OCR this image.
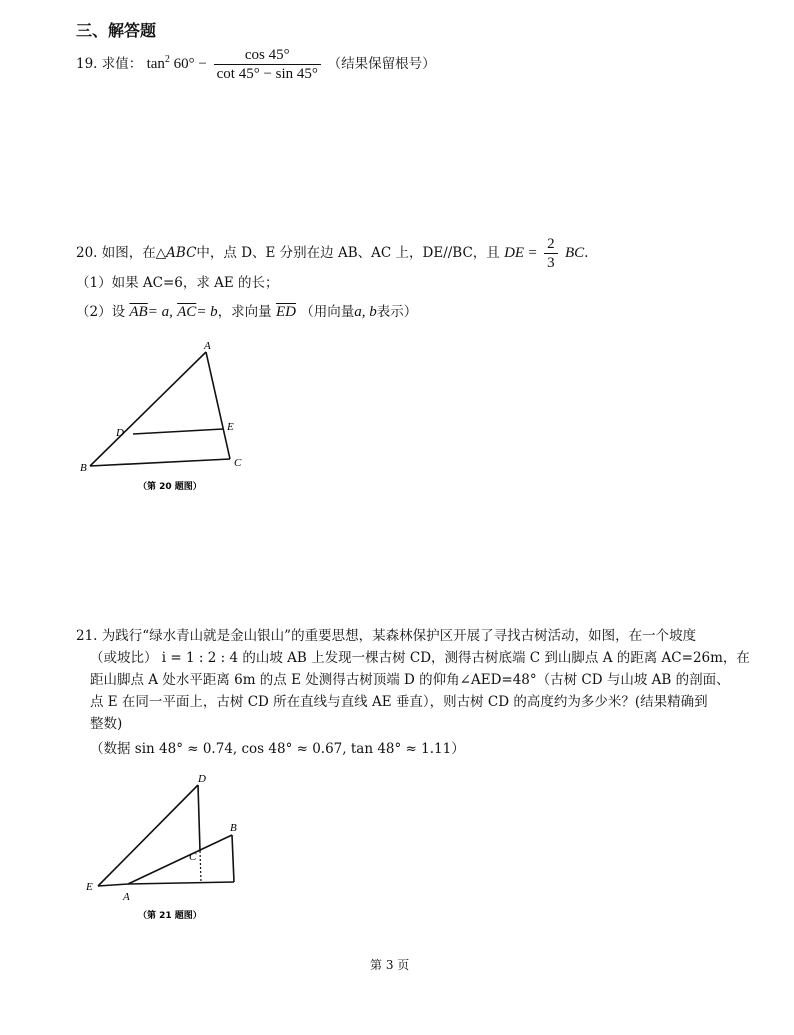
三、解答题
19. 求值： $\tan^2 60^\circ - \frac{\cos 45^\circ}{\cot 45^\circ - \sin 45^\circ}$ （结果保留根号）
20. 如图，在△ABC中，点 D、E 分别在边 AB、AC 上，DE//BC，且 DE = $\frac{2}{3}$ BC.
（1）如果 AC=6，求 AE 的长；
（2）设 $\overline{AB}= a$, $\overline{AC}= b$，求向量 $\overline{ED}$ （用向量a, b表示）
A
B	C
D	E
（第 20 题图）
21. 为践行“绿水青山就是金山银山”的重要思想，某森林保护区开展了寻找古树活动，如图，在一个坡度
（或坡比） i = 1 : 2 : 4 的山坡 AB 上发现一棵古树 CD，测得古树底端 C 到山脚点 A 的距离 AC=26m，在
距山脚点 A 处水平距离 6m 的点 E 处测得古树顶端 D 的仰角∠AED=48°（古树 CD 与山坡 AB 的剖面、
点 E 在同一平面上，古树 CD 所在直线与直线 AE 垂直），则古树 CD 的高度约为多少米？(结果精确到
整数)
（数据 sin 48° ≈ 0.74, cos 48° ≈ 0.67, tan 48° ≈ 1.11）
D
B
C
E
A
（第 21 题图）
第 3 页
